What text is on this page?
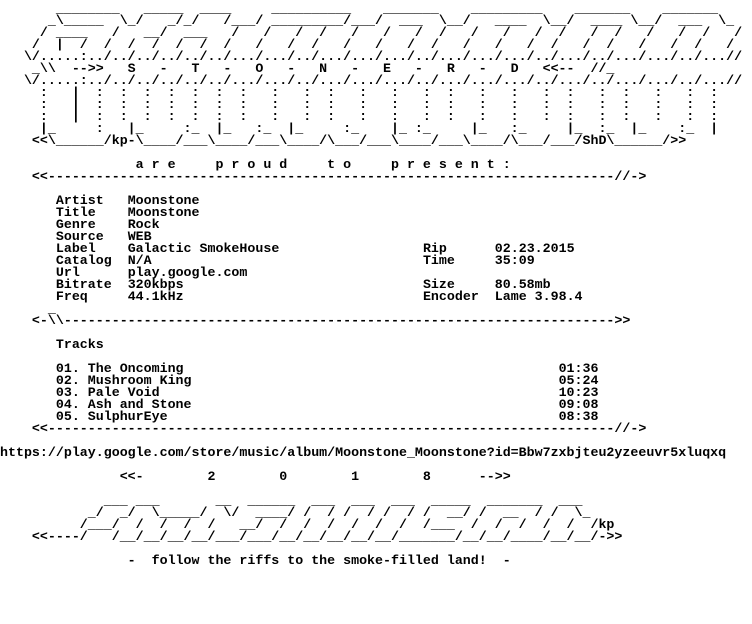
________   _____  ____     __________    _______    _________    _______    _______
_\_____  \_/   _/_/   /___/ _________/___/  ___  \__/   ____  \__/  ____ \__/  ___  \_
/ ____   /   __/  ___   /   /   /  /   /   /   /  /   /   /   /  /   /  /   /   /  /   /
/  |  /  /  /  /  /  /  /   /   /  /   /   /   /  /   /   /   /  /   /  /   /   /  /   /
\/.....:../../../../../../.../.../../.../.../.../../.../.../.../../.../../.../.../../...//
_\\  -->>   S   -   T   -   O   -   N   -   E   -   R   -   D   <<--  //_
\/.....:../../../../../../.../.../../.../.../.../../.../.../.../../.../../.../.../../...//
:   |  :  :  :  :  :  :  :   :   :  :   :   :   :  :   :   :   :  :   :  :   :   :  :
:   |  :  :  :  :  :  :  :   :   :  :   :   :   :  :   :   :   :  :   :  :   :   :  :
:   |  :  :  :  :  :  :  :   :   :  :   :   :   :  :   :   :   :  :   :  :   :   :  :
|_     :   |_     :_  |_   :_  |_     :_    |_ :_     |_   :_     |_  :_  |_    :_  |
<<\______/kp-\____/___\____/___\____/\___/___\____/___\____/\___/___/ShD\______/>>
a r e     p r o u d     t o     p r e s e n t :
<<-----------------------------------------------------------------------//->
Artist Moonstone
Title Moonstone
Genre Rock
Source WEB
Label Galactic SmokeHouse	Rip	02.23.2015
Catalog N/A	Time	35:09
Url	play.google.com
Bitrate 320kbps	Size	80.58mb
Freq	44.1kHz	Encoder Lame 3.98.4
_
<-\\--------------------------------------------------------------------->>
Tracks
01. The Oncoming	01:36
02. Mushroom King	05:24
03. Pale Void	10:23
04. Ash and Stone	09:08
05. SulphurEye	08:38
<<-----------------------------------------------------------------------//->
https://play.google.com/store/music/album/Moonstone_Moonstone?id=Bbw7zxbjteu2yzeeuvr5xluqxq
<<-        2        0        1        8      -->>
___ ___       __  ______  ___  ___  ___  _____  _______  ___
_/  _/  \_____/  \/  ____/ /  / /  / /  / /  __/ /  __  / /  \_
/___/  /  /  /  /   __/  /  /  /  /  /  /  /___  /  /  /  /  /  /kp
<<----/   /__/__/__/__/___/___/__/__/__/__/__/_______/__/__/____/__/__/->>
-  follow the riffs to the smoke-filled land!  -
